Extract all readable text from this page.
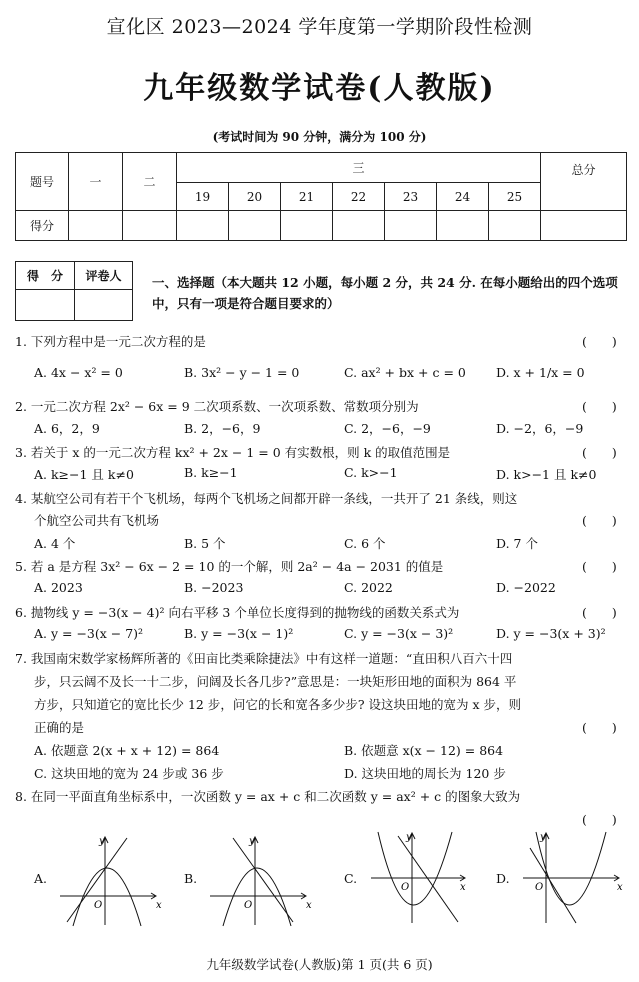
宣化区 2023—2024 学年度第一学期阶段性检测
九年级数学试卷(人教版)
(考试时间为 90 分钟，满分为 100 分)
题号	一	二	三							总分
			19	20	21	22	23	24	25	
得分										
得　分	评卷人
	一、选择题（本大题共 12 小题，每小题 2 分，共 24 分. 在每小题给出的四个选项中，只有一项是符合题目要求的）
1. 下列方程中是一元二次方程的是	(　　)
A. 4x − x² = 0	B. 3x² − y − 1 = 0	C. ax² + bx + c = 0 D. x + 1/x = 0
2. 一元二次方程 2x² − 6x = 9 二次项系数、一次项系数、常数项分别为	(　　)
A. 6，2，9	B. 2，−6，9	C. 2，−6，−9	D. −2，6，−9
3. 若关于 x 的一元二次方程 kx² + 2x − 1 = 0 有实数根，则 k 的取值范围是	(　　)
A. k≥−1 且 k≠0	B. k≥−1	C. k>−1	D. k>−1 且 k≠0
4. 某航空公司有若干个飞机场，每两个飞机场之间都开辟一条线，一共开了 21 条线，则这
个航空公司共有飞机场	(　　)
A. 4 个	B. 5 个	C. 6 个	D. 7 个
5. 若 a 是方程 3x² − 6x − 2 = 10 的一个解，则 2a² − 4a − 2031 的值是	(　　)
A. 2023	B. −2023	C. 2022	D. −2022
6. 抛物线 y = −3(x − 4)² 向右平移 3 个单位长度得到的抛物线的函数关系式为	(　　)
A. y = −3(x − 7)²	B. y = −3(x − 1)²	C. y = −3(x − 3)²	D. y = −3(x + 3)²
7. 我国南宋数学家杨辉所著的《田亩比类乘除捷法》中有这样一道题：“直田积八百六十四
步，只云阔不及长一十二步，问阔及长各几步?”意思是：一块矩形田地的面积为 864 平
方步，只知道它的宽比长少 12 步，问它的长和宽各多少步? 设这块田地的宽为 x 步，则
正确的是	(　　)
A. 依题意 2(x + x + 12) = 864	B. 依题意 x(x − 12) = 864
C. 这块田地的宽为 24 步或 36 步	D. 这块田地的周长为 120 步
8. 在同一平面直角坐标系中，一次函数 y = ax + c 和二次函数 y = ax² + c 的图象大致为
(　　)
A.	B.	C.	D.
y
x
O
y
x
O
y
x
O
y
x
O
九年级数学试卷(人教版)第 1 页(共 6 页)
